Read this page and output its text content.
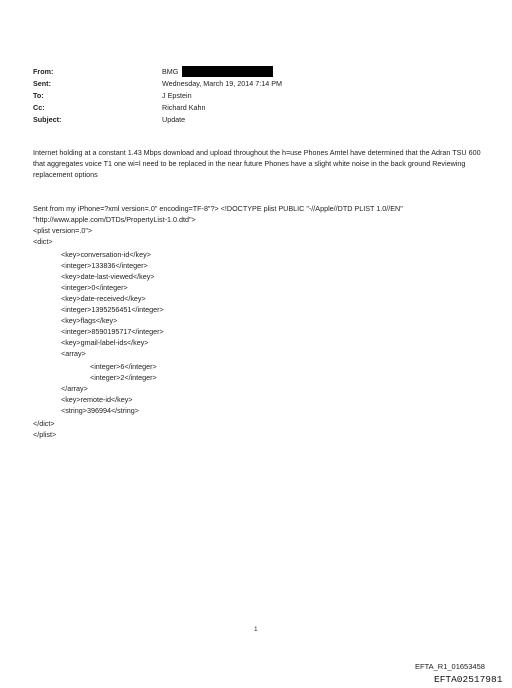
From:	BMG
Sent:	Wednesday, March 19, 2014 7:14 PM
To:	J Epstein
Cc:	Richard Kahn
Subject:	Update
Internet holding at a constant 1.43 Mbps download and upload throughout the h=use Phones Amtel have determined that the Adran TSU 600 that aggregates voice T1 one wi=l need to be replaced in the near future Phones have a slight white noise in the back ground Reviewing replacement options
Sent from my iPhone=?xml version=.0" encoding=TF-8"?> <!DOCTYPE plist PUBLIC "-//Apple//DTD PLIST 1.0//EN"
"http://www.apple.com/DTDs/PropertyList-1.0.dtd">
<plist version=.0">
<dict>
<key>conversation-id</key>
<integer>133836</integer>
<key>date-last-viewed</key>
<integer>0</integer>
<key>date-received</key>
<integer>1395256451</integer>
<key>flags</key>
<integer>8590195717</integer>
<key>gmail-label-ids</key>
<array>
<integer>6</integer>
<integer>2</integer>
</array>
<key>remote-id</key>
<string>396994</string>
</dict>
</plist>
1
EFTA_R1_01653458
EFTA02517981
